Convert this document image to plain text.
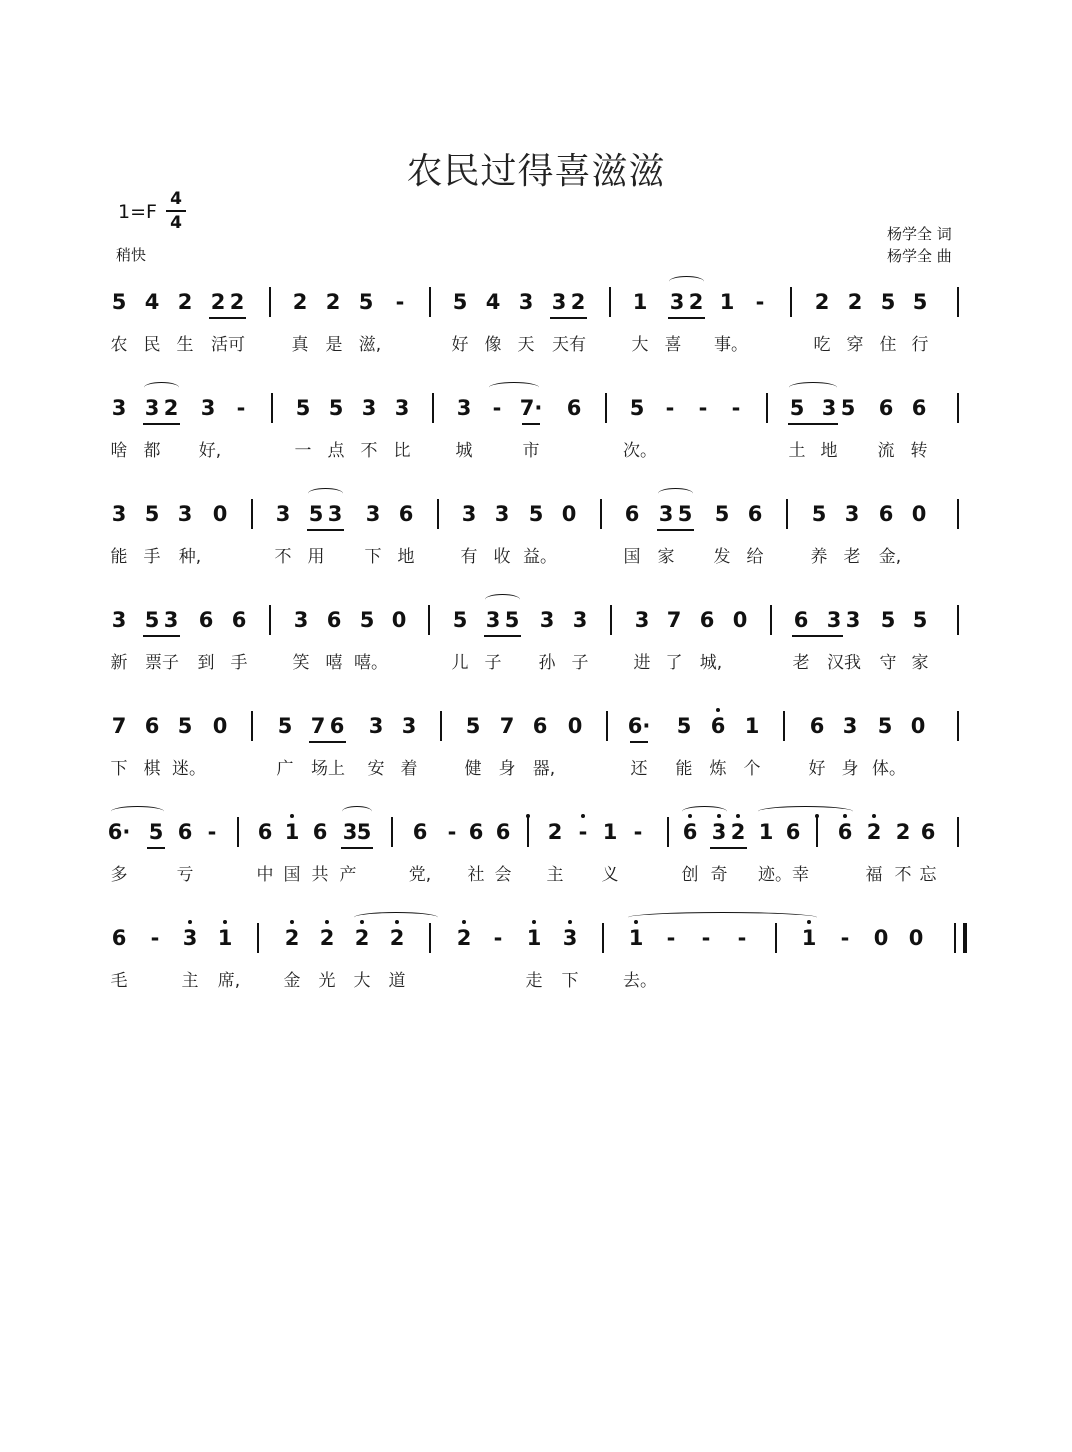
农民过得喜滋滋
1=F
4
4
稍快
杨学全 词
杨学全 曲
5 4 2 2 2	2 2 5	-	5 4 3 3 2	1	3 2 1	-	2 2 5 5
农 民 生	活可	真	是 滋,	好 像 天	天有	大 喜	事。	吃 穿 住 行
3 3 2	3	-	5 5 3 3	3	- 7·	6	5	-	-	-	5 3 5	6 6
啥 都	好,	一 点 不 比	城	市	次。	土 地	流 转
3 5 3 0	3 5 3	3 6	3 3 5 0	6 3 5	5 6	5 3 6 0
能 手	种,	不 用	下 地	有 收 益。	国	家	发 给	养 老	金,
3 5 3 6 6	3 6 5 0	5 3 5 3 3	3 7 6 0	6 3 3 5 5
新	票子	到 手	笑 嘻 嘻。	儿 子	孙 子	进 了	城,	老	汉我	守 家
7 6 5 0	5 7 6	3 3	5 7 6 0	6·	5 6 1	6 3 5 0
下 棋 迷。	广	场上	安 着	健	身	器,	还	能	炼	个	好 身 体。
6· 5 6 -	6 1 6 3 5	6 - 6 6	2 - 1 -	6 3 2 1 6	6 2 2 6
多	亏	中 国 共 产	党,	社 会	主	义	创 奇	迹。幸	福 不 忘
6	-	3 1	2 2 2 2	2	-	1	3	1	-	-	-	1	-	0 0
毛	主	席,	金	光	大	道	走	下	去。
